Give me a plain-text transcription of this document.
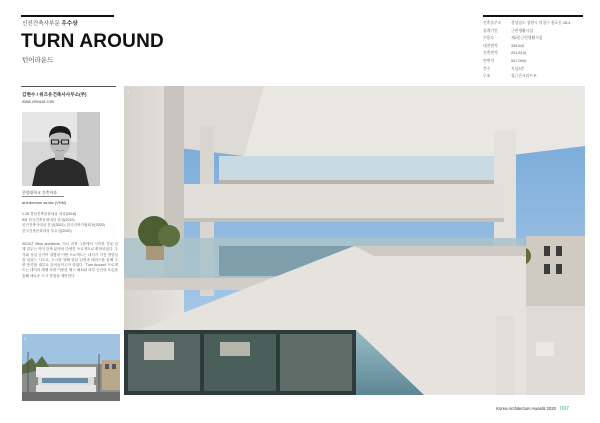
신진건축사부문 우수상
TURN AROUND
턴어라운드
김현수 / 위즈유건축사사무소(주)
www.visvusa.com
한양대학교 건축학과
architecture studio (VHM)
1.28 경남건축문화대상 대상(2018)
8회 한국건축문화대상 본상(2019)
신진건축사대상 본상(2021), 한국건축가협회상(2020)
한국건축문화대상 우수상(2020)
2013년 Vifoo architects, 이너 건축 그룹에서 시작한 건물 설계 업무는 이어 건축 분야의 다양한 프로젝트로 확장되었다. 주거와 상업 공간이 결합된 이번 프로젝트는 대지가 가진 방향성을 뒤집는 시도로, 도시를 향해 열린 입면과 테라스를 통해 주변 풍경을 내부로 끌어들이고자 하였다. 'Turn Around' 프로젝트는 대지의 레벨 차를 이용한 매스 배치와 외부 공간의 흐름을 통해 새로운 도시 경험을 제안한다.
2
건축물주소	경상남도 창원시 의창구 용호동 28-4
설계기간	근린생활시설
주용도	제2종근린생활시설
대지면적	339.6㎡
건축면적	201.51㎡
연면적	547.06㎡
층수	지상3층
구조	철근콘크리트조
1
Korea Architecture Awards 2020 097
